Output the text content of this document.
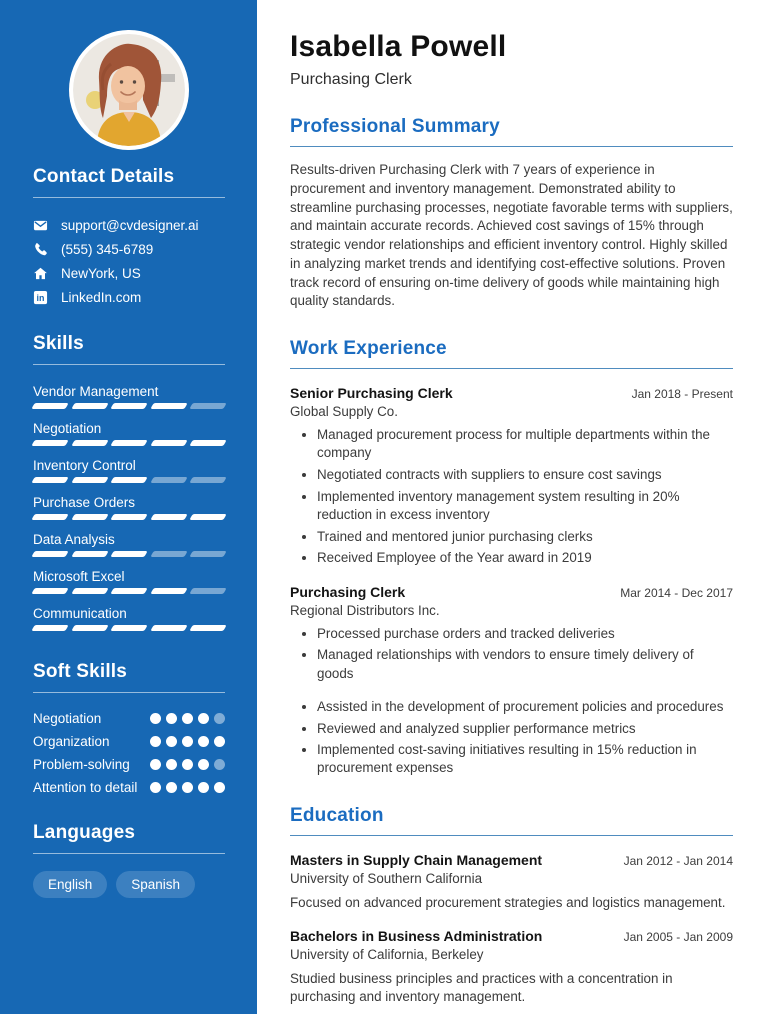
Contact Details
support@cvdesigner.ai
(555) 345-6789
NewYork, US
in LinkedIn.com
Skills
Vendor Management
Negotiation
Inventory Control
Purchase Orders
Data Analysis
Microsoft Excel
Communication
Soft Skills
Negotiation
Organization
Problem-solving
Attention to detail
Languages
English	Spanish
Isabella Powell
Purchasing Clerk
Professional Summary

Results-driven Purchasing Clerk with 7 years of experience in procurement and inventory management. Demonstrated ability to streamline purchasing processes, negotiate favorable terms with suppliers, and maintain accurate records. Achieved cost savings of 15% through strategic vendor relationships and efficient inventory control. Highly skilled in analyzing market trends and identifying cost-effective solutions. Proven track record of ensuring on-time delivery of goods while maintaining high quality standards.

Work Experience
Senior Purchasing Clerk	Jan 2018 - Present
Global Supply Co.
• Managed procurement process for multiple departments within the company
• Negotiated contracts with suppliers to ensure cost savings
• Implemented inventory management system resulting in 20% reduction in excess inventory
• Trained and mentored junior purchasing clerks
• Received Employee of the Year award in 2019
Purchasing Clerk	Mar 2014 - Dec 2017
Regional Distributors Inc.
• Processed purchase orders and tracked deliveries
• Managed relationships with vendors to ensure timely delivery of goods
• Assisted in the development of procurement policies and procedures
• Reviewed and analyzed supplier performance metrics
• Implemented cost-saving initiatives resulting in 15% reduction in procurement expenses
Education
Masters in Supply Chain Management	Jan 2012 - Jan 2014
University of Southern California
Focused on advanced procurement strategies and logistics management.
Bachelors in Business Administration	Jan 2005 - Jan 2009
University of California, Berkeley
Studied business principles and practices with a concentration in purchasing and inventory management.
